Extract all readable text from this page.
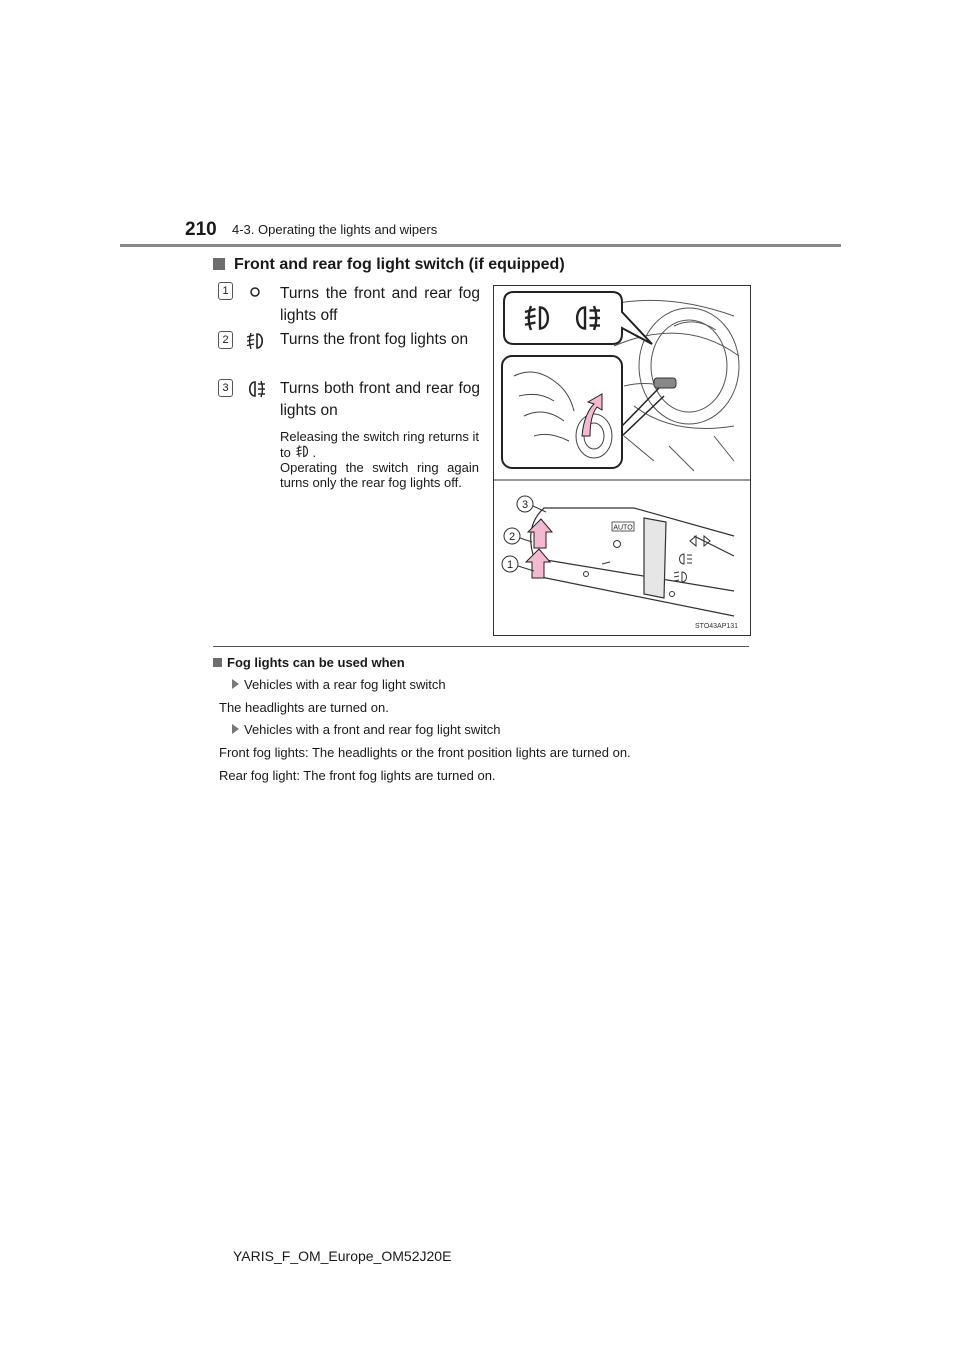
210 4-3. Operating the lights and wipers
Front and rear fog light switch (if equipped)
1	Turns the front and rear fog lights off
2	Turns the front fog lights on
3	Turns both front and rear fog lights on
Releasing the switch ring returns it to .
Operating the switch ring again turns only the rear fog lights off.
AUTO
3
2
1
STO43AP131
Fog lights can be used when
Vehicles with a rear fog light switch
The headlights are turned on.
Vehicles with a front and rear fog light switch
Front fog lights: The headlights or the front position lights are turned on.
Rear fog light: The front fog lights are turned on.
YARIS_F_OM_Europe_OM52J20E
